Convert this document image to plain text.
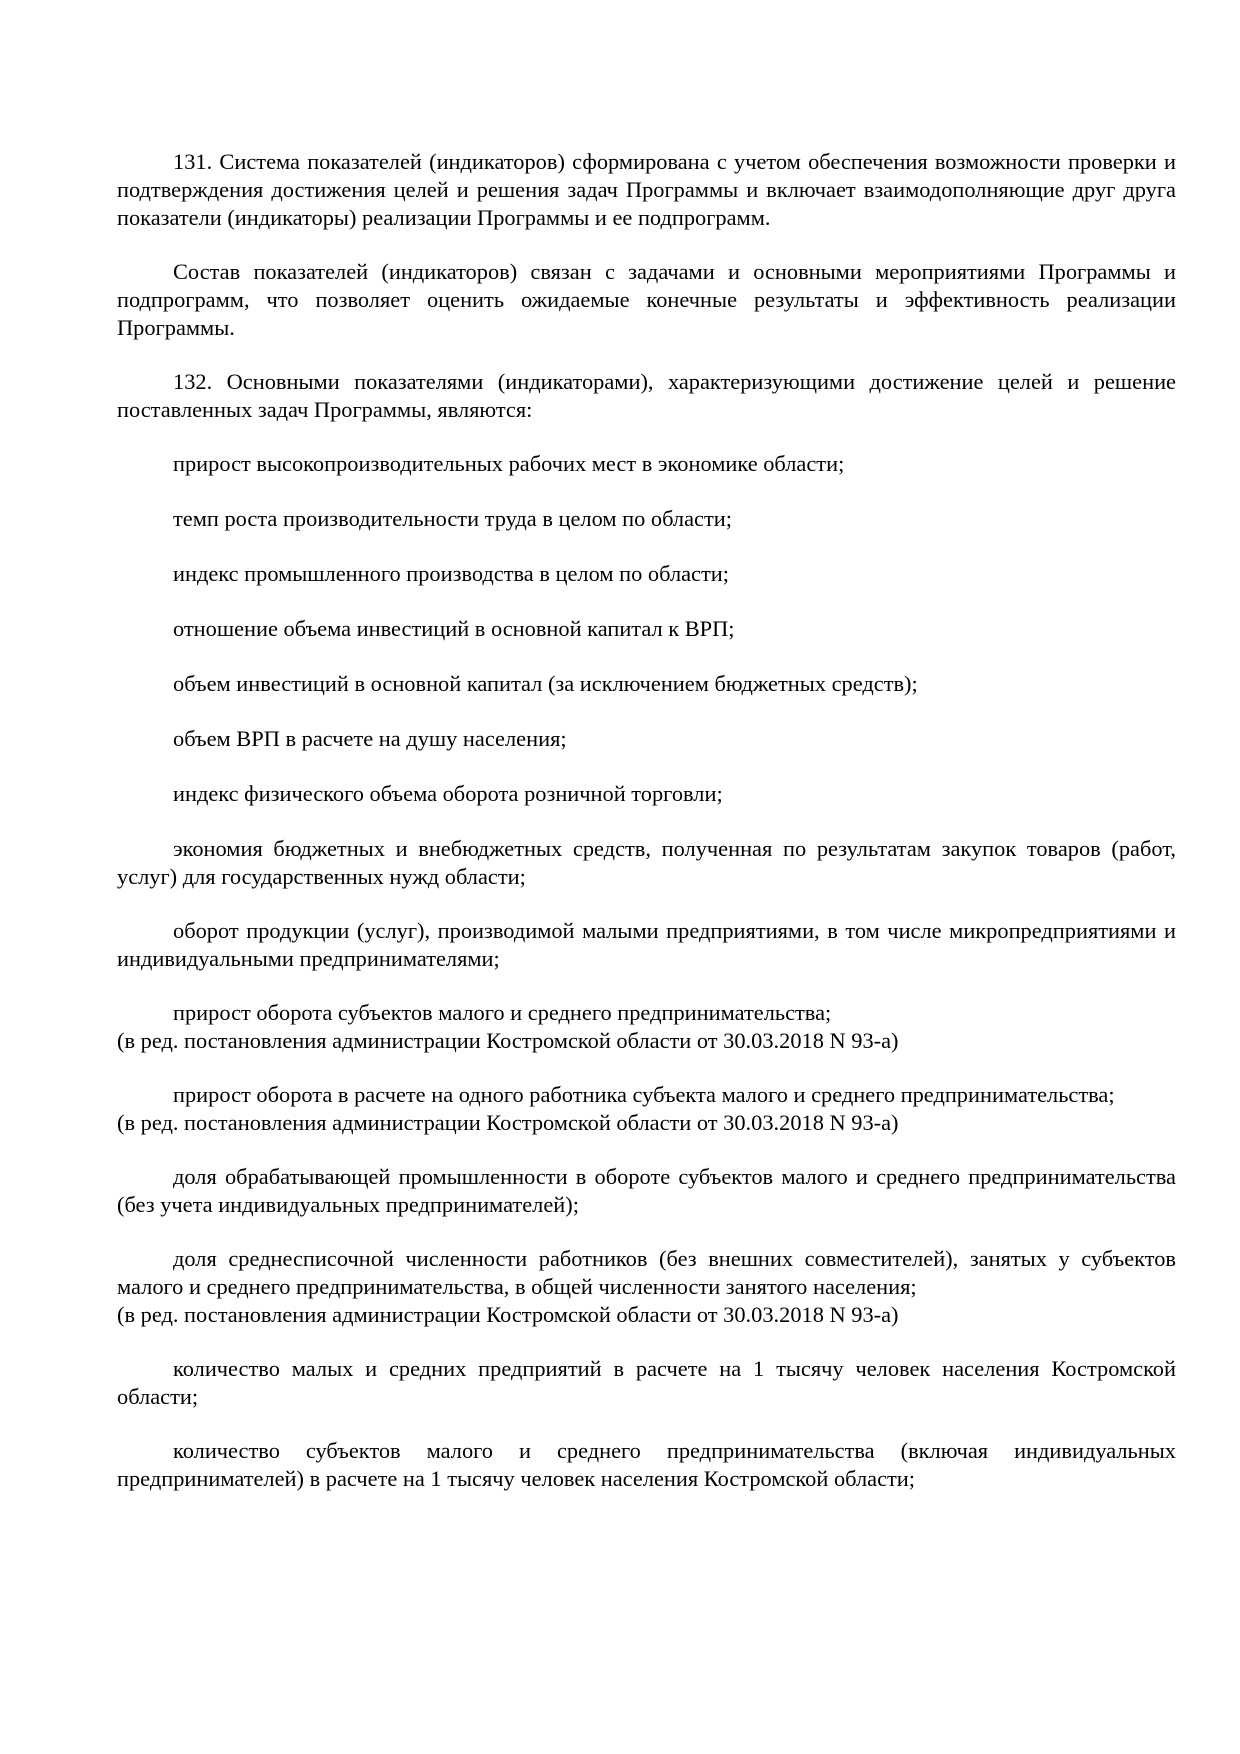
131. Система показателей (индикаторов) сформирована с учетом обеспечения возможности проверки и подтверждения достижения целей и решения задач Программы и включает взаимодополняющие друг друга показатели (индикаторы) реализации Программы и ее подпрограмм.

Состав показателей (индикаторов) связан с задачами и основными мероприятиями Программы и подпрограмм, что позволяет оценить ожидаемые конечные результаты и эффективность реализации Программы.

132. Основными показателями (индикаторами), характеризующими достижение целей и решение поставленных задач Программы, являются:

прирост высокопроизводительных рабочих мест в экономике области;

темп роста производительности труда в целом по области;

индекс промышленного производства в целом по области;

отношение объема инвестиций в основной капитал к ВРП;

объем инвестиций в основной капитал (за исключением бюджетных средств);

объем ВРП в расчете на душу населения;

индекс физического объема оборота розничной торговли;

экономия бюджетных и внебюджетных средств, полученная по результатам закупок товаров (работ, услуг) для государственных нужд области;

оборот продукции (услуг), производимой малыми предприятиями, в том числе микропредприятиями и индивидуальными предпринимателями;

прирост оборота субъектов малого и среднего предпринимательства;
(в ред. постановления администрации Костромской области от 30.03.2018 N 93-а)

прирост оборота в расчете на одного работника субъекта малого и среднего предпринимательства;
(в ред. постановления администрации Костромской области от 30.03.2018 N 93-а)

доля обрабатывающей промышленности в обороте субъектов малого и среднего предпринимательства (без учета индивидуальных предпринимателей);

доля среднесписочной численности работников (без внешних совместителей), занятых у субъектов малого и среднего предпринимательства, в общей численности занятого населения;
(в ред. постановления администрации Костромской области от 30.03.2018 N 93-а)

количество малых и средних предприятий в расчете на 1 тысячу человек населения Костромской области;

количество субъектов малого и среднего предпринимательства (включая индивидуальных предпринимателей) в расчете на 1 тысячу человек населения Костромской области;
